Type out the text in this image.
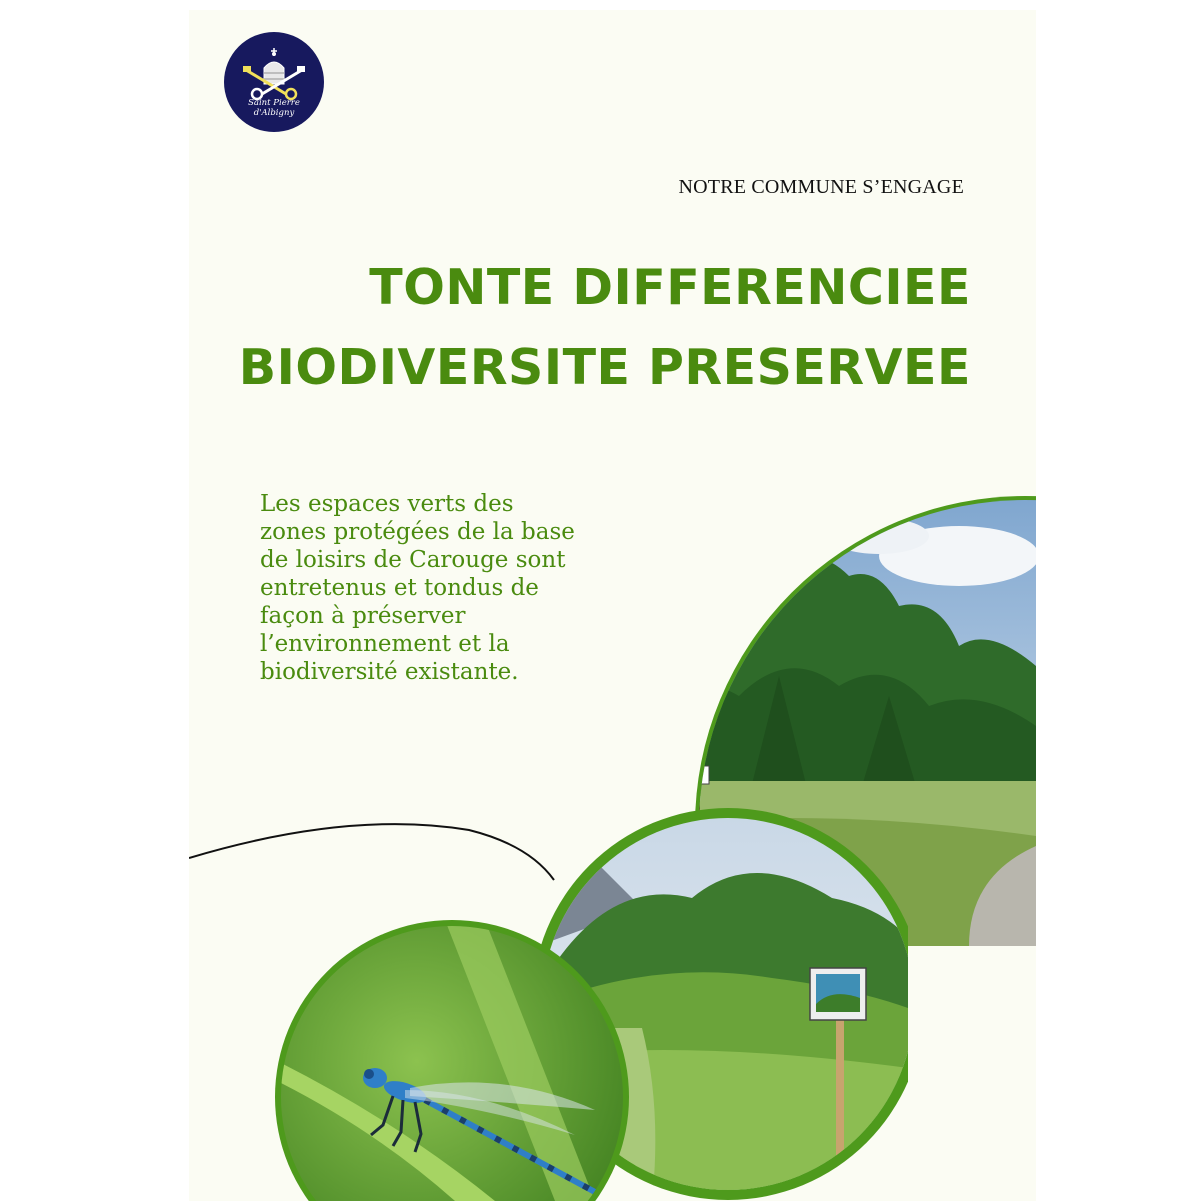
Saint Pierre
d'Albigny
NOTRE COMMUNE S’ENGAGE
TONTE DIFFERENCIEE
BIODIVERSITE PRESERVEE
Les espaces verts des
zones protégées de la base
de loisirs de Carouge sont
entretenus et tondus de
façon à préserver
l’environnement et la
biodiversité existante.
